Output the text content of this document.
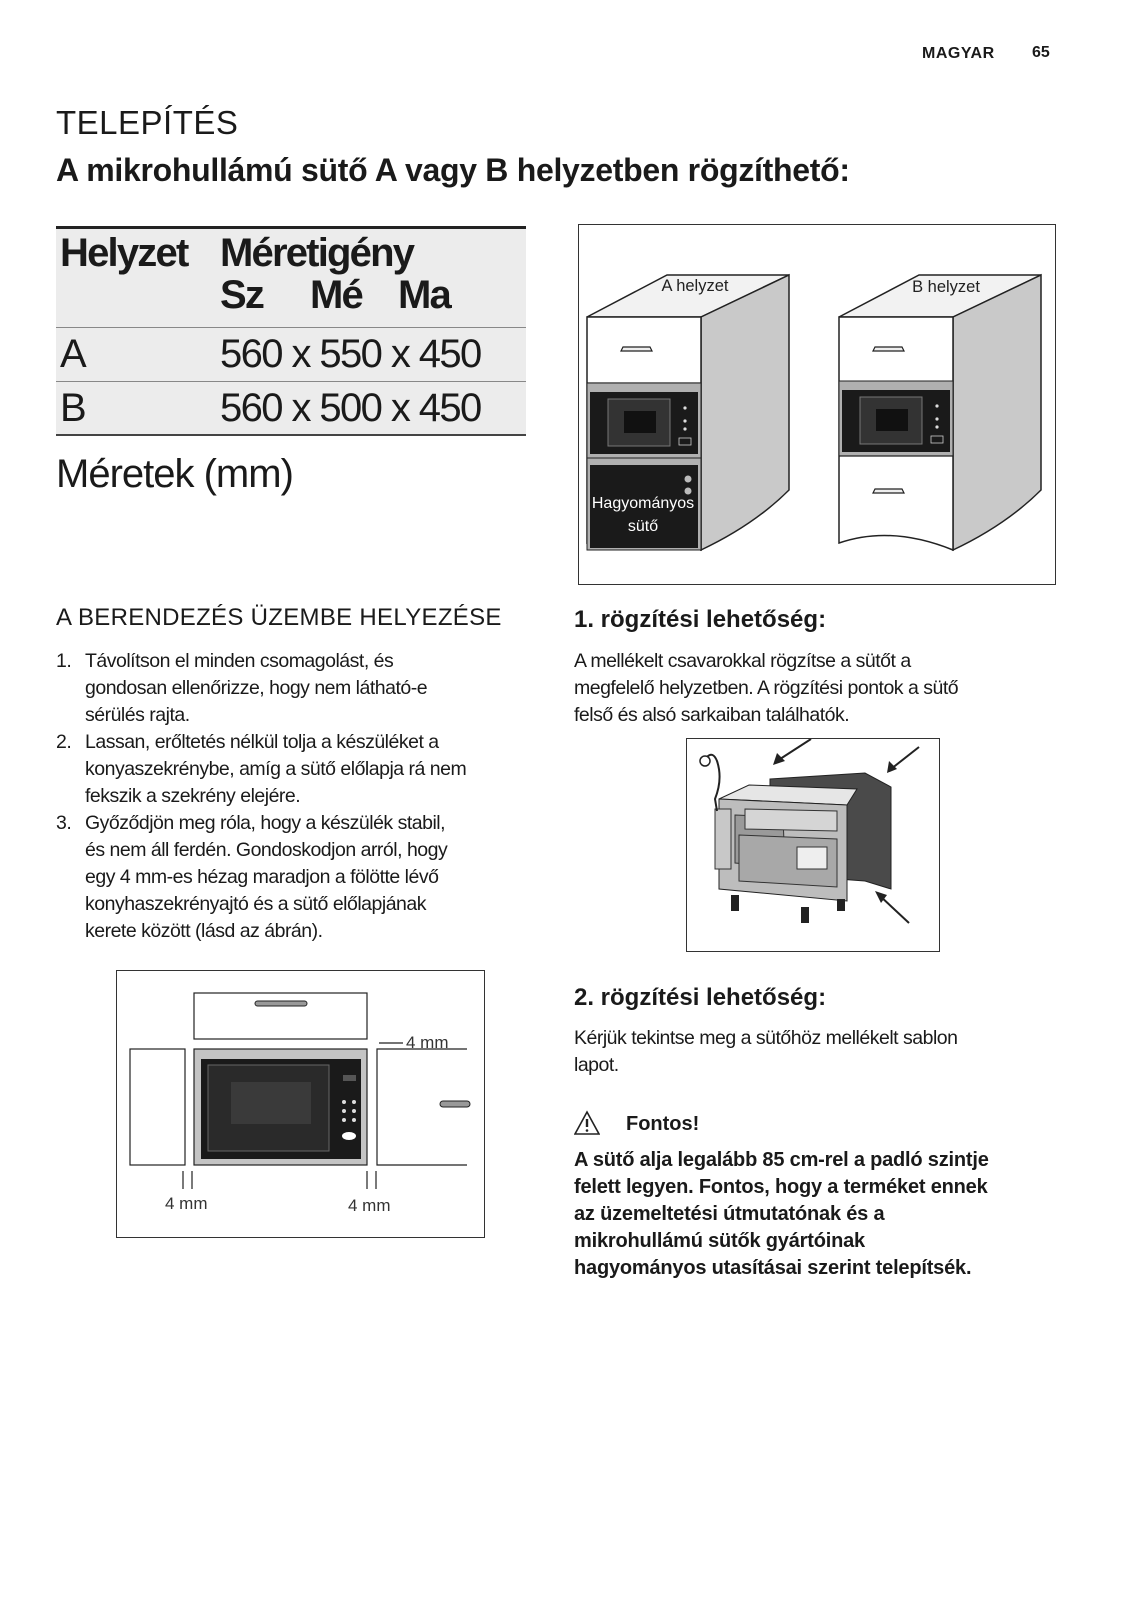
MAGYAR 65
TELEPÍTÉS
A mikrohullámú sütő A vagy B helyzetben rögzíthető:
Helyzet Méretigény
Sz Mé Ma
A	560 x 550 x 450
B	560 x 500 x 450
Méretek (mm)
A helyzet	B helyzet
Hagyományos
sütő
A BERENDEZÉS ÜZEMBE HELYEZÉSE
1. Távolítson el minden csomagolást, és
gondosan ellenőrizze, hogy nem látható-e
sérülés rajta.
2. Lassan, erőltetés nélkül tolja a készüléket a
konyaszekrénybe, amíg a sütő előlapja rá nem
fekszik a szekrény elejére.
3. Győződjön meg róla, hogy a készülék stabil,
és nem áll ferdén. Gondoskodjon arról, hogy
egy 4 mm-es hézag maradjon a fölötte lévő
konyhaszekrényajtó és a sütő előlapjának
kerete között (lásd az ábrán).
4 mm
4 mm	4 mm
1. rögzítési lehetőség:
A mellékelt csavarokkal rögzítse a sütőt a
megfelelő helyzetben. A rögzítési pontok a sütő
felső és alsó sarkaiban találhatók.
2. rögzítési lehetőség:
Kérjük tekintse meg a sütőhöz mellékelt sablon
lapot.
Fontos!
A sütő alja legalább 85 cm-rel a padló szintje
felett legyen. Fontos, hogy a terméket ennek
az üzemeltetési útmutatónak és a
mikrohullámú sütők gyártóinak
hagyományos utasításai szerint telepítsék.
